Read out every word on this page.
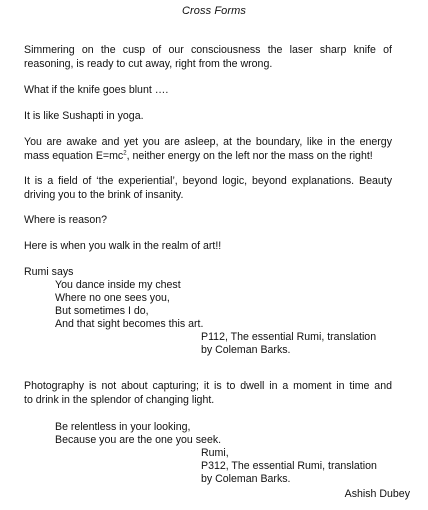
Cross Forms
Simmering on the cusp of our consciousness the laser sharp knife of
reasoning, is ready to cut away, right from the wrong.
What if the knife goes blunt ….
It is like Sushapti in yoga.
You are awake and yet you are asleep, at the boundary, like in the energy
mass equation $E=mc^2$, neither energy on the left nor the mass on the right!
It is a field of ‘the experiential’, beyond logic, beyond explanations. Beauty
driving you to the brink of insanity.
Where is reason?
Here is when you walk in the realm of art!!
Rumi says
You dance inside my chest
Where no one sees you,
But sometimes I do,
And that sight becomes this art.
P112, The essential Rumi, translation
by Coleman Barks.
Photography is not about capturing; it is to dwell in a moment in time and
to drink in the splendor of changing light.
Be relentless in your looking,
Because you are the one you seek.
Rumi,
P312, The essential Rumi, translation
by Coleman Barks.
Ashish Dubey
